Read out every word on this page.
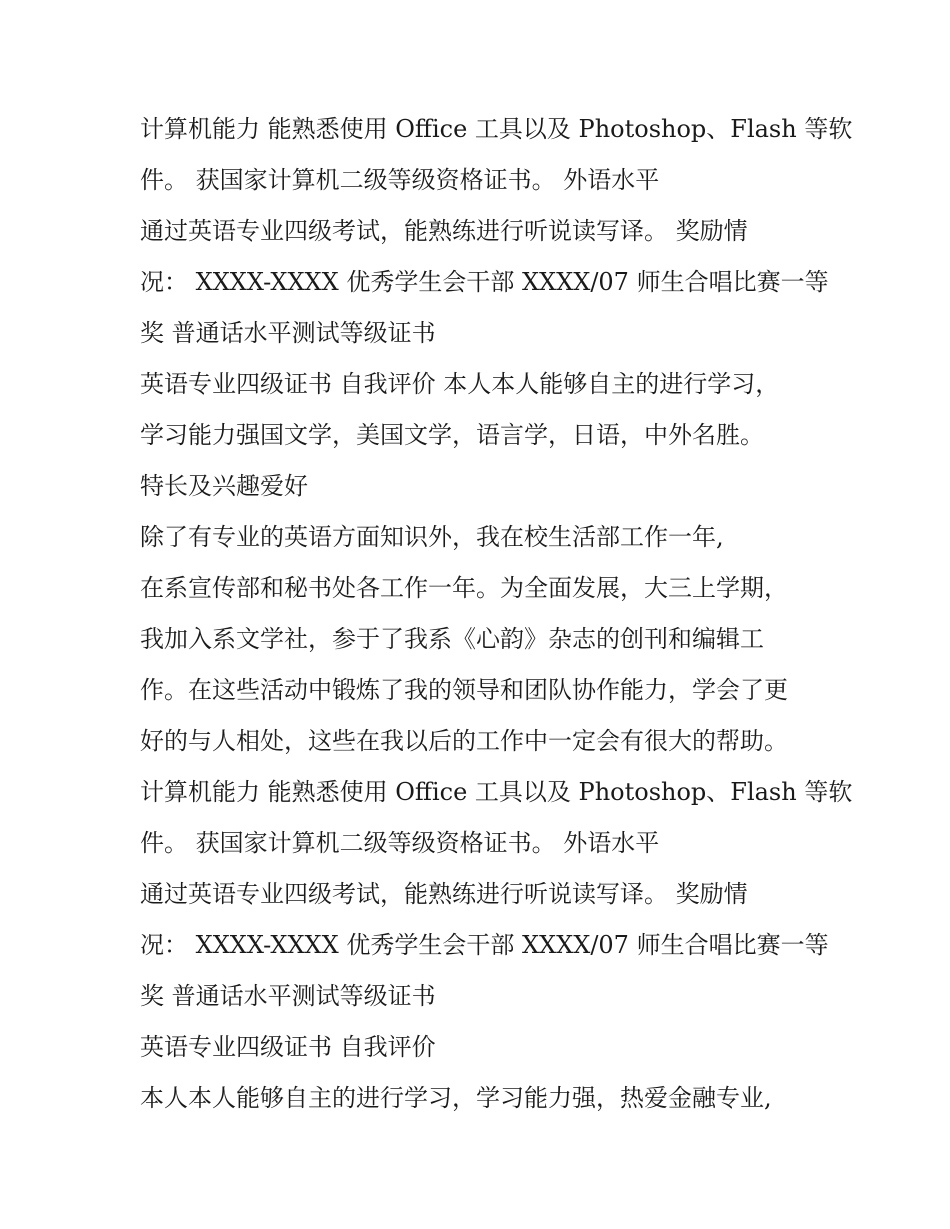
计算机能力 能熟悉使用 Office 工具以及 Photoshop、Flash 等软

件。 获国家计算机二级等级资格证书。 外语水平

通过英语专业四级考试，能熟练进行听说读写译。 奖励情

况： XXXX-XXXX 优秀学生会干部 XXXX/07 师生合唱比赛一等

奖 普通话水平测试等级证书

英语专业四级证书 自我评价 本人本人能够自主的进行学习，

学习能力强国文学，美国文学，语言学，日语，中外名胜。

特长及兴趣爱好

除了有专业的英语方面知识外，我在校生活部工作一年,

在系宣传部和秘书处各工作一年。为全面发展，大三上学期，

我加入系文学社，参于了我系《心韵》杂志的创刊和编辑工

作。在这些活动中锻炼了我的领导和团队协作能力，学会了更

好的与人相处，这些在我以后的工作中一定会有很大的帮助。

计算机能力 能熟悉使用 Office 工具以及 Photoshop、Flash 等软

件。 获国家计算机二级等级资格证书。 外语水平

通过英语专业四级考试，能熟练进行听说读写译。 奖励情

况： XXXX-XXXX 优秀学生会干部 XXXX/07 师生合唱比赛一等

奖 普通话水平测试等级证书

英语专业四级证书 自我评价

本人本人能够自主的进行学习，学习能力强，热爱金融专业,
